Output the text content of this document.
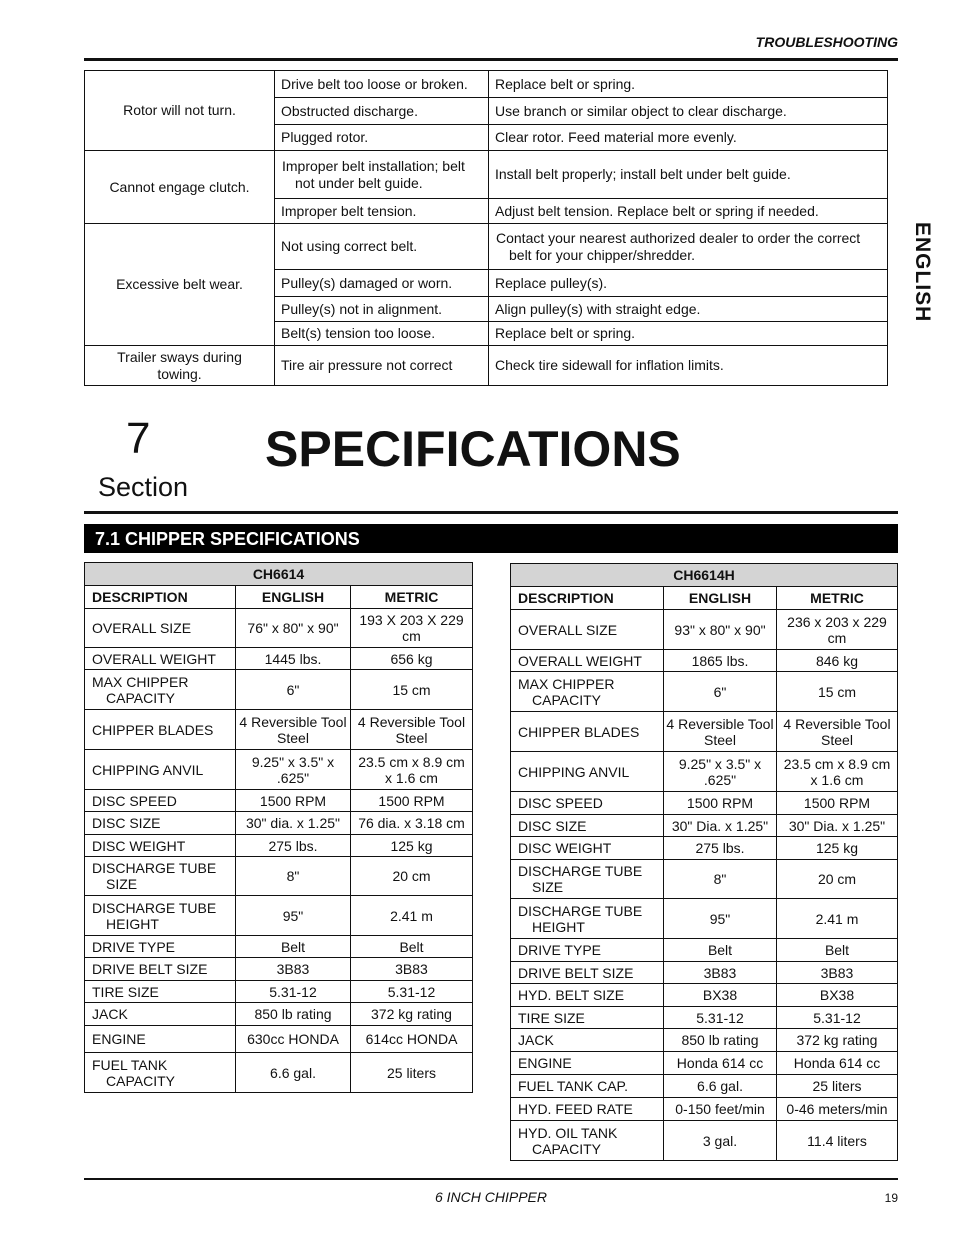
TROUBLESHOOTING
ENGLISH
Rotor will not turn.	Drive belt too loose or broken.	Replace belt or spring.
	Obstructed discharge.	Use branch or similar object to clear discharge.
	Plugged rotor.	Clear rotor. Feed material more evenly.
Cannot engage clutch.	Improper belt installation; belt not under belt guide.	Install belt properly; install belt under belt guide.
	Improper belt tension.	Adjust belt tension. Replace belt or spring if needed.
Excessive belt wear.	Not using correct belt.	Contact your nearest authorized dealer to order the correct belt for your chipper/shredder.
	Pulley(s) damaged or worn.	Replace pulley(s).
	Pulley(s) not in alignment.	Align pulley(s) with straight edge.
	Belt(s) tension too loose.	Replace belt or spring.
Trailer sways during towing.	Tire air pressure not correct	Check tire sidewall for inflation limits.
7
Section
SPECIFICATIONS
7.1 CHIPPER SPECIFICATIONS
CH6614		
DESCRIPTION	ENGLISH	METRIC
OVERALL SIZE	76" x 80" x 90"	193 X 203 X 229 cm
OVERALL WEIGHT	1445 lbs.	656 kg
MAX CHIPPER CAPACITY	6"	15 cm
CHIPPER BLADES	4 Reversible Tool Steel	4 Reversible Tool Steel
CHIPPING ANVIL	9.25" x 3.5" x .625"	23.5 cm x 8.9 cm x 1.6 cm
DISC SPEED	1500 RPM	1500 RPM
DISC SIZE	30" dia. x 1.25"	76 dia. x 3.18 cm
DISC WEIGHT	275 lbs.	125 kg
DISCHARGE TUBE SIZE	8"	20 cm
DISCHARGE TUBE HEIGHT	95"	2.41 m
DRIVE TYPE	Belt	Belt
DRIVE BELT SIZE	3B83	3B83
TIRE SIZE	5.31-12	5.31-12
JACK	850 lb rating	372 kg rating
ENGINE	630cc HONDA	614cc HONDA
FUEL TANK CAPACITY	6.6 gal.	25 liters
CH6614H		
DESCRIPTION	ENGLISH	METRIC
OVERALL SIZE	93" x 80" x 90"	236 x 203 x 229 cm
OVERALL WEIGHT	1865 lbs.	846 kg
MAX CHIPPER CAPACITY	6"	15 cm
CHIPPER BLADES	4 Reversible Tool Steel	4 Reversible Tool Steel
CHIPPING ANVIL	9.25" x 3.5" x .625"	23.5 cm x 8.9 cm x 1.6 cm
DISC SPEED	1500 RPM	1500 RPM
DISC SIZE	30" Dia. x 1.25"	30" Dia. x 1.25"
DISC WEIGHT	275 lbs.	125 kg
DISCHARGE TUBE SIZE	8"	20 cm
DISCHARGE TUBE HEIGHT	95"	2.41 m
DRIVE TYPE	Belt	Belt
DRIVE BELT SIZE	3B83	3B83
HYD. BELT SIZE	BX38	BX38
TIRE SIZE	5.31-12	5.31-12
JACK	850 lb rating	372 kg rating
ENGINE	Honda 614 cc	Honda 614 cc
FUEL TANK CAP.	6.6 gal.	25 liters
HYD. FEED RATE	0-150 feet/min	0-46 meters/min
HYD. OIL TANK CAPACITY	3 gal.	11.4 liters
6 INCH CHIPPER	19
